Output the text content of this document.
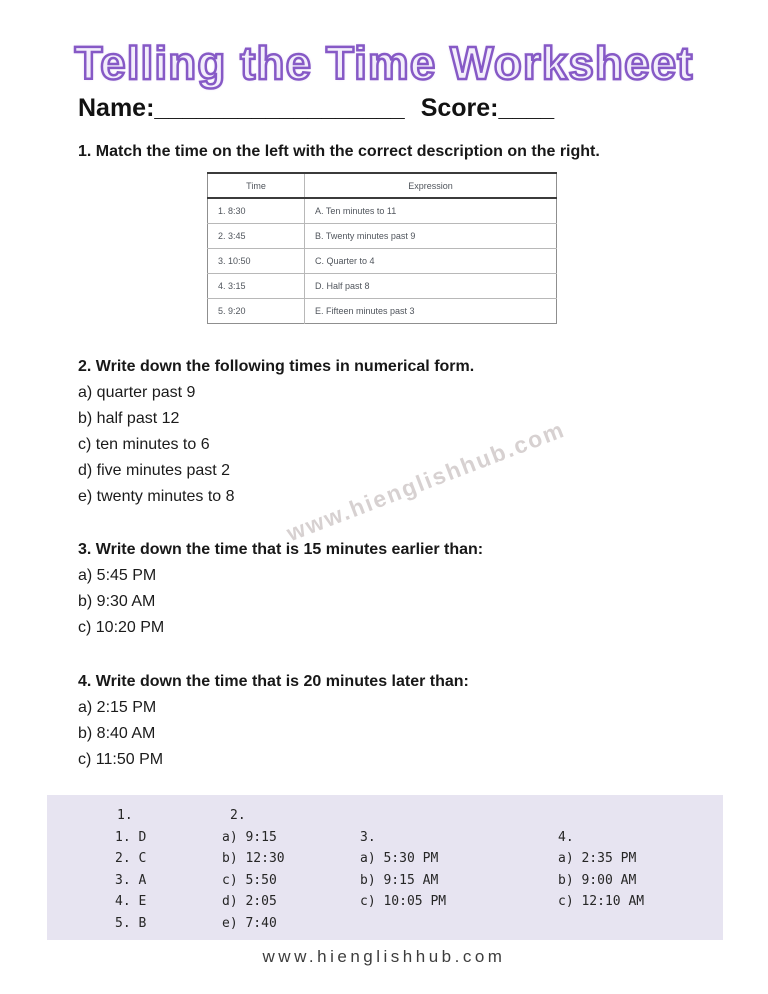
www.hienglishhub.com
Telling the Time Worksheet
Name:__________________ Score:____
1. Match the time on the left with the correct description on the right.
Time	Expression
1. 8:30	A. Ten minutes to 11
2. 3:45	B. Twenty minutes past 9
3. 10:50	C. Quarter to 4
4. 3:15	D. Half past 8
5. 9:20	E. Fifteen minutes past 3
2. Write down the following times in numerical form.

a) quarter past 9

b) half past 12

c) ten minutes to 6

d) five minutes past 2

e) twenty minutes to 8

3. Write down the time that is 15 minutes earlier than:

a) 5:45 PM

b) 9:30 AM

c) 10:20 PM

4. Write down the time that is 20 minutes later than:

a) 2:15 PM

b) 8:40 AM

c) 11:50 PM

1.
1. D
2. C
3. A
4. E
5. B
2.
a) 9:15
b) 12:30
c) 5:50
d) 2:05
e) 7:40
3.
a) 5:30 PM
b) 9:15 AM
c) 10:05 PM
4.
a) 2:35 PM
b) 9:00 AM
c) 12:10 AM
www.hienglishhub.com
